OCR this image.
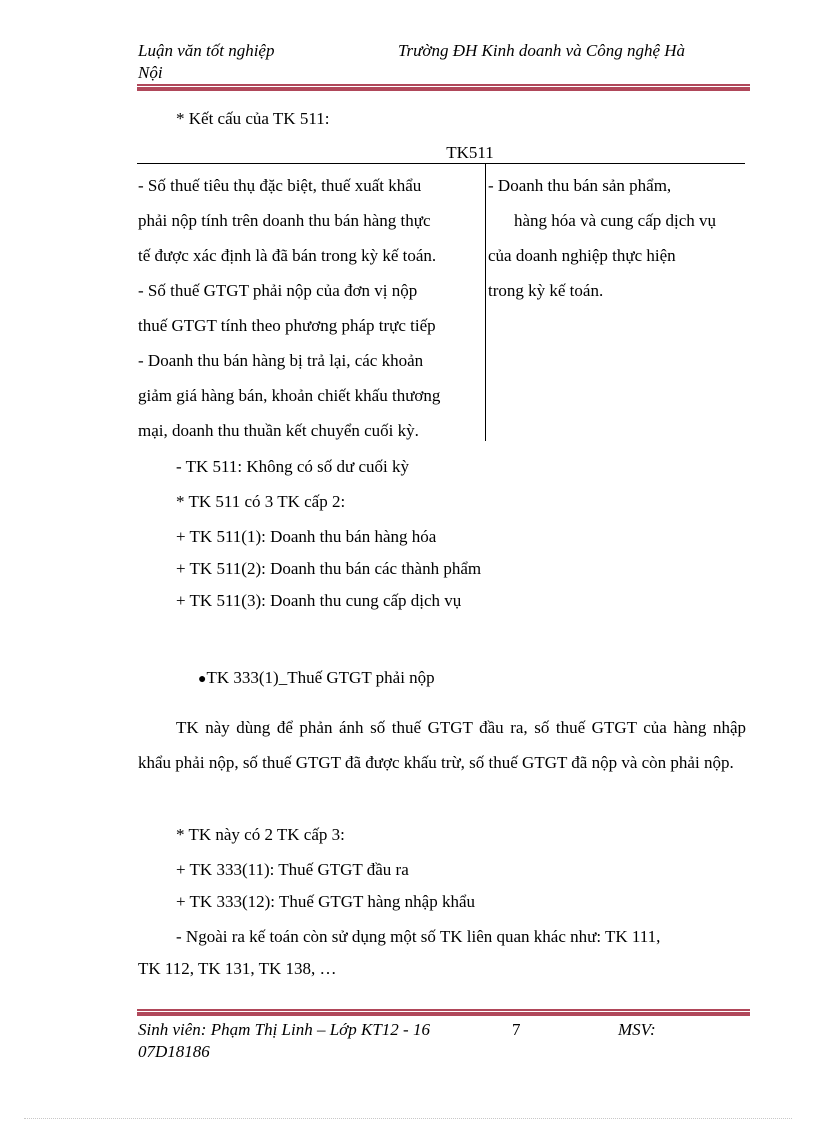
Luận văn tốt nghiệp
Nội
Trường ĐH Kinh doanh và Công nghệ Hà
* Kết cấu của TK 511:
TK511
- Số thuế tiêu thụ đặc biệt, thuế xuất khẩu
phải nộp tính trên doanh thu bán hàng thực
tế được xác định là đã bán trong kỳ kế toán.
- Số thuế GTGT phải nộp của đơn vị nộp
thuế GTGT tính theo phương pháp trực tiếp
- Doanh thu bán hàng bị trả lại, các khoản
giảm giá hàng bán, khoản chiết khấu thương
mại, doanh thu thuần kết chuyển cuối kỳ.
- Doanh thu bán sản phẩm,
hàng hóa và cung cấp dịch vụ
của doanh nghiệp thực hiện
trong kỳ kế toán.
- TK 511: Không có số dư cuối kỳ
* TK 511 có 3 TK cấp 2:
+ TK 511(1): Doanh thu bán hàng hóa
+ TK 511(2): Doanh thu bán các thành phẩm
+ TK 511(3): Doanh thu cung cấp dịch vụ
●TK 333(1)_Thuế GTGT phải nộp
TK này dùng để phản ánh số thuế GTGT đầu ra, số thuế GTGT của hàng nhập khẩu phải nộp, số thuế GTGT đã được khấu trừ, số thuế GTGT đã nộp và còn phải nộp.
* TK này có 2 TK cấp 3:
+ TK 333(11): Thuế GTGT đầu ra
+ TK 333(12): Thuế GTGT hàng nhập khẩu
- Ngoài ra kế toán còn sử dụng một số TK liên quan khác như: TK 111,
TK 112, TK 131, TK 138, …
Sinh viên: Phạm Thị Linh – Lớp KT12 - 16	7	MSV:
07D18186
